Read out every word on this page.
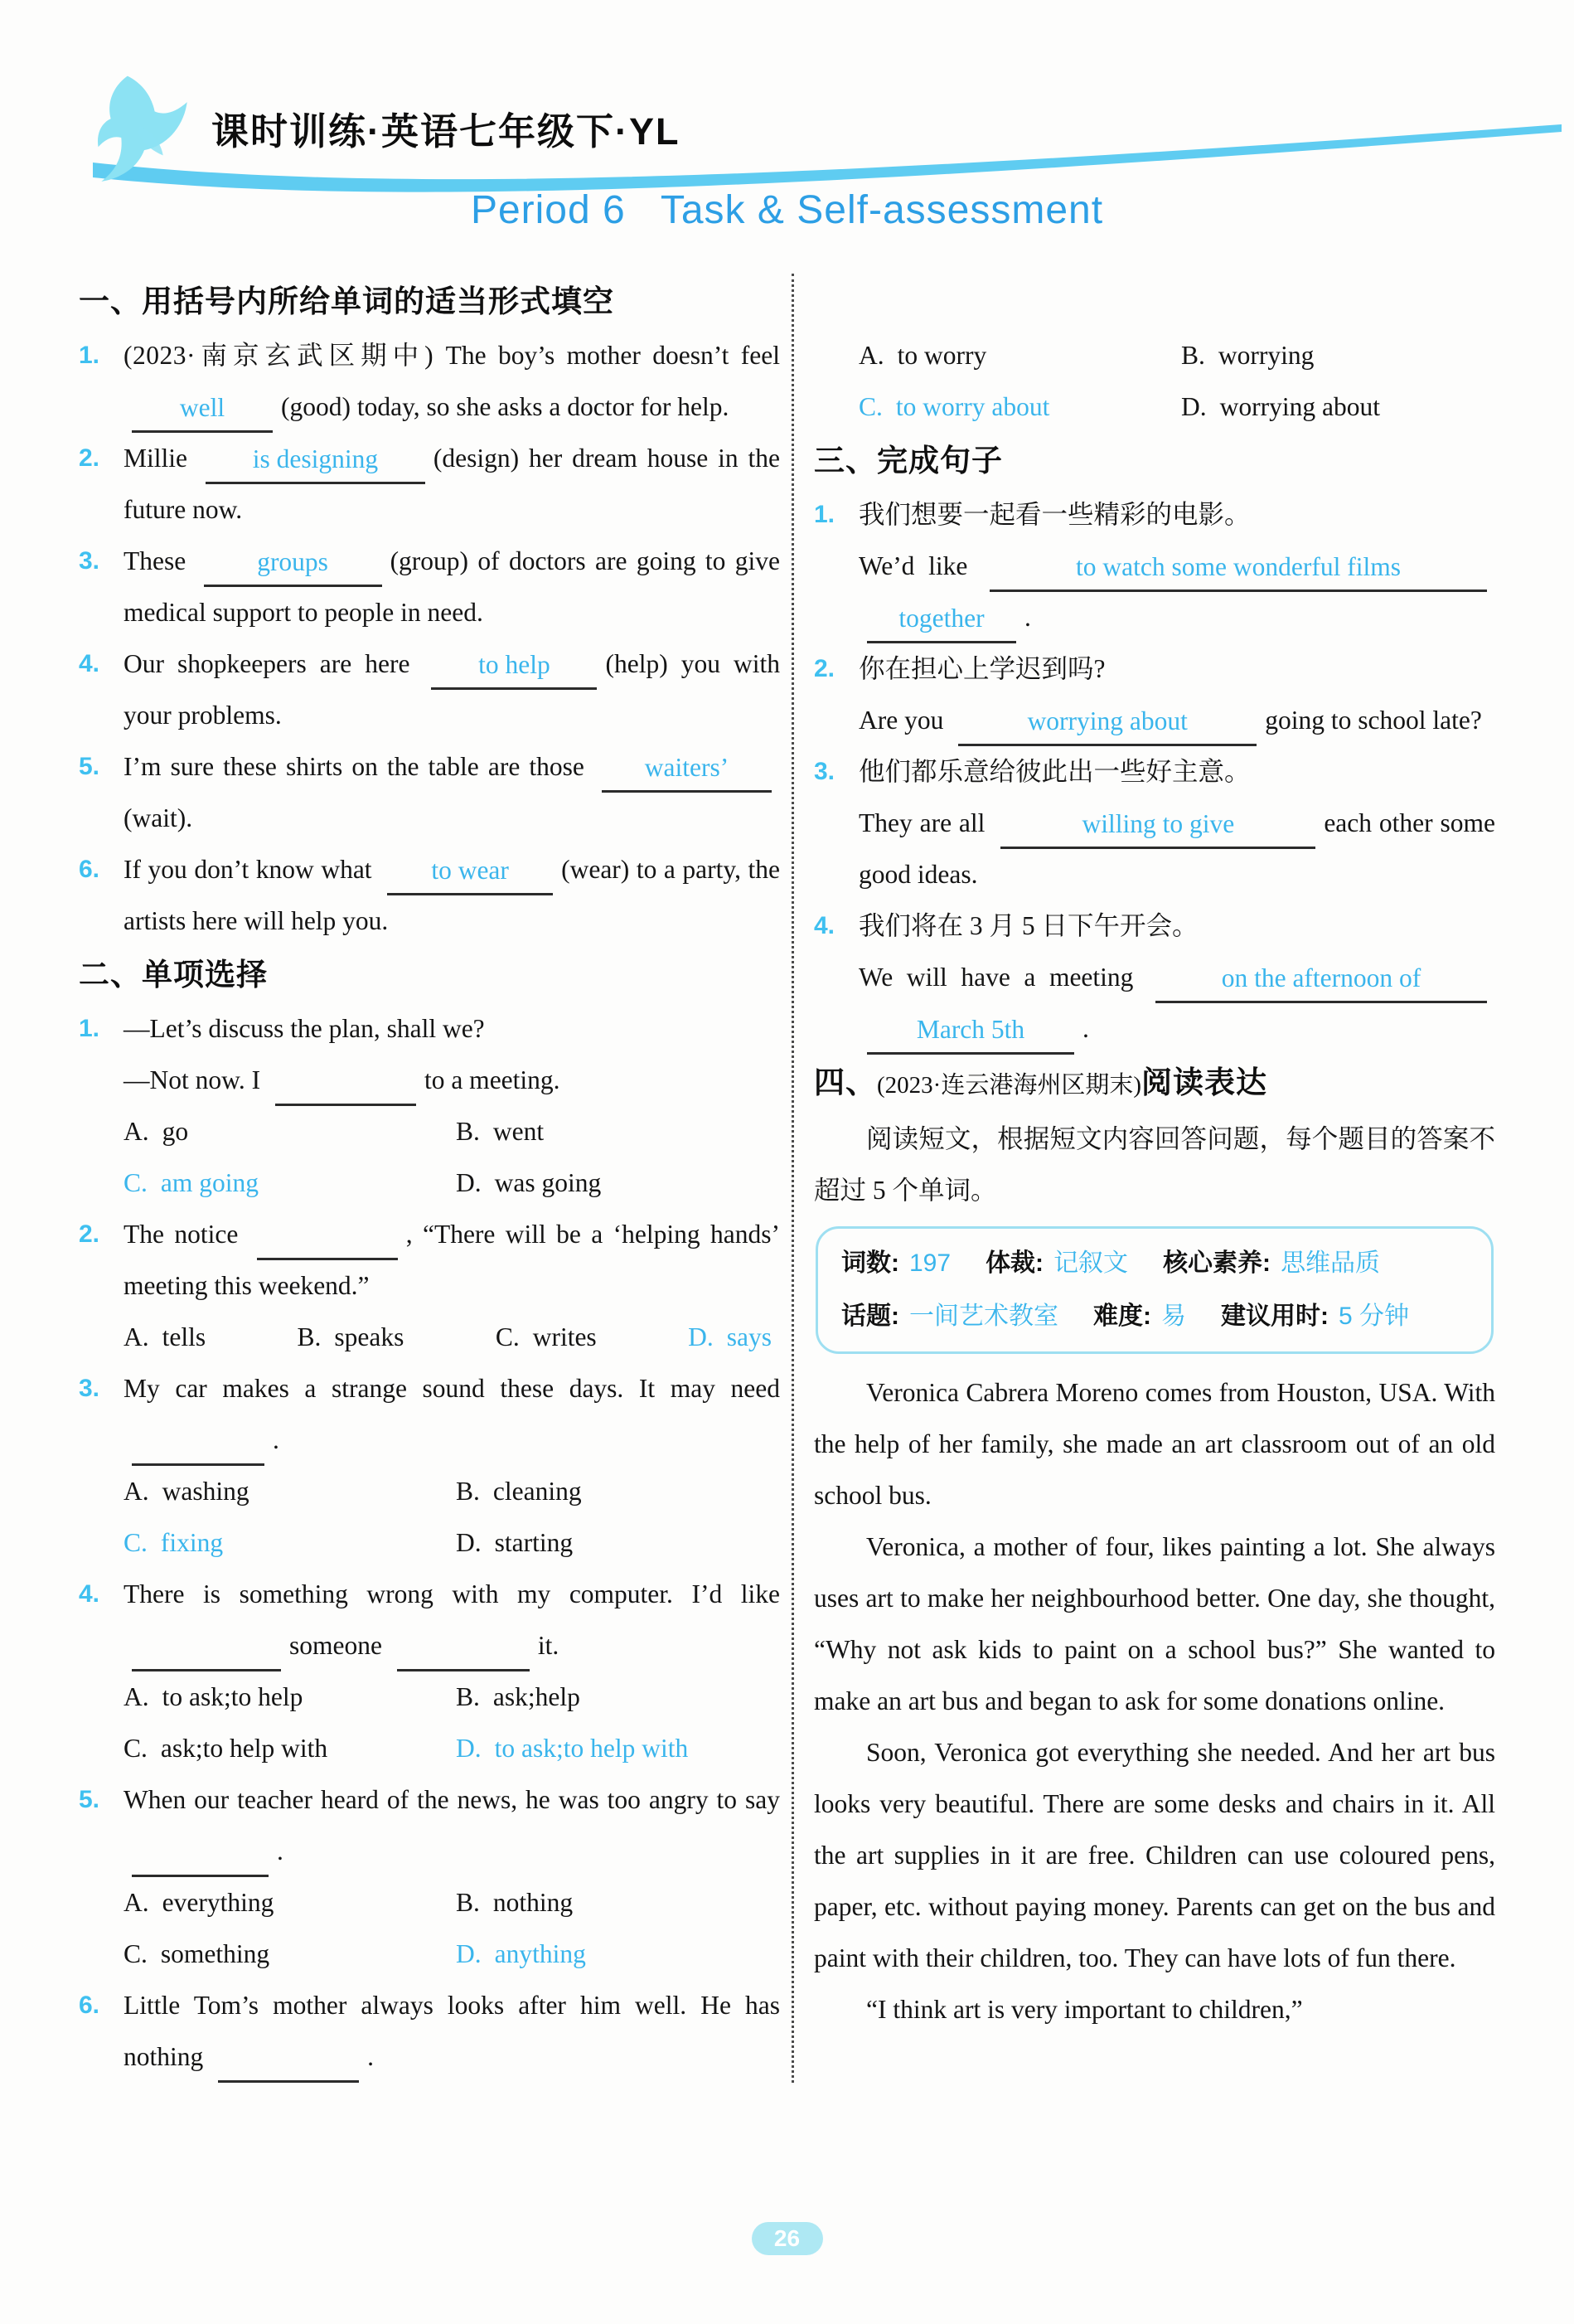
课时训练·英语七年级下·YL
Period 6   Task & Self-assessment
一、用括号内所给单词的适当形式填空
1. (2023·南京玄武区期中) The boy’s mother doesn’t feel well (good) today, so she asks a doctor for help.
2. Millie is designing (design) her dream house in the future now.
3. These	groups (group) of doctors are going to give medical support to people in need.
4. Our shopkeepers are here	to help (help) you with your problems.
5. I’m sure these shirts on the table are those waiters’(wait).
6. If you don’t know what to wear (wear) to a party, the artists here will help you.
二、单项选择
1. —Let’s discuss the plan, shall we?
—Not now. I	to a meeting.
A. go	B. went
C. am going	D. was going
2. The notice	, “There will be a ‘helping hands’ meeting this weekend.”
A. tells	B. speaks	C. writes	D. says
3. My car makes a strange sound these days. It may need .
A. washing	B. cleaning
C. fixing	D. starting
4. There is something wrong with my computer. I’d like someone	it.
A. to ask;to help	B. ask;help
C. ask;to help with	D. to ask;to help with
5. When our teacher heard of the news, he was too angry to say .
A. everything	B. nothing
C. something	D. anything
6. Little Tom’s mother always looks after him well. He has nothing	.
A. to worry	B. worrying
C. to worry about	D. worrying about
三、完成句子
1. 我们想要一起看一些精彩的电影。
We’d like	to watch some wonderful filmstogether .
2. 你在担心上学迟到吗?
Are you	worrying about	going to school late?
3. 他们都乐意给彼此出一些好主意。
They are all	willing to give	each other some good ideas.
4. 我们将在 3 月 5 日下午开会。
We will have a meeting	on the afternoon ofMarch 5th .
四、(2023·连云港海州区期末)阅读表达
阅读短文，根据短文内容回答问题，每个题目的答案不超过 5 个单词。
词数: 197 体裁: 记叙文 核心素养: 思维品质
话题: 一间艺术教室 难度: 易 建议用时: 5 分钟
Veronica Cabrera Moreno comes from Houston, USA. With the help of her family, she made an art classroom out of an old school bus.
Veronica, a mother of four, likes painting a lot. She always uses art to make her neighbourhood better. One day, she thought, “Why not ask kids to paint on a school bus?” She wanted to make an art bus and began to ask for some donations online.
Soon, Veronica got everything she needed. And her art bus looks very beautiful. There are some desks and chairs in it. All the art supplies in it are free. Children can use coloured pens, paper, etc. without paying money. Parents can get on the bus and paint with their children, too. They can have lots of fun there.
“I think art is very important to children,”
26
